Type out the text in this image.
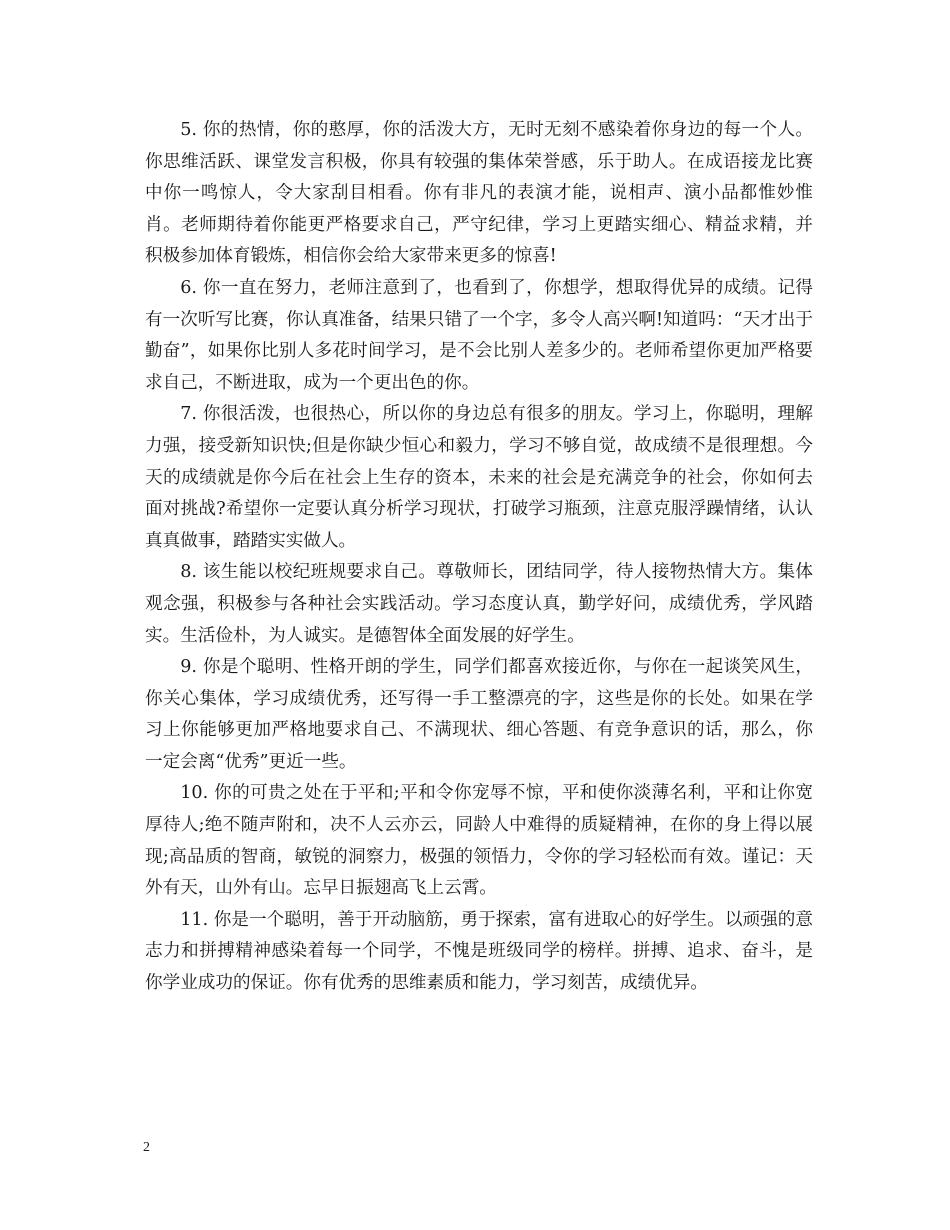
5. 你的热情，你的憨厚，你的活泼大方，无时无刻不感染着你身边的每一个人。你思维活跃、课堂发言积极，你具有较强的集体荣誉感，乐于助人。在成语接龙比赛中你一鸣惊人，令大家刮目相看。你有非凡的表演才能，说相声、演小品都惟妙惟肖。老师期待着你能更严格要求自己，严守纪律，学习上更踏实细心、精益求精，并积极参加体育锻炼，相信你会给大家带来更多的惊喜!

6. 你一直在努力，老师注意到了，也看到了，你想学，想取得优异的成绩。记得有一次听写比赛，你认真准备，结果只错了一个字，多令人高兴啊!知道吗：“天才出于勤奋”，如果你比别人多花时间学习，是不会比别人差多少的。老师希望你更加严格要求自己，不断进取，成为一个更出色的你。

7. 你很活泼，也很热心，所以你的身边总有很多的朋友。学习上，你聪明，理解力强，接受新知识快;但是你缺少恒心和毅力，学习不够自觉，故成绩不是很理想。今天的成绩就是你今后在社会上生存的资本，未来的社会是充满竞争的社会，你如何去面对挑战?希望你一定要认真分析学习现状，打破学习瓶颈，注意克服浮躁情绪，认认真真做事，踏踏实实做人。

8. 该生能以校纪班规要求自己。尊敬师长，团结同学，待人接物热情大方。集体观念强，积极参与各种社会实践活动。学习态度认真，勤学好问，成绩优秀，学风踏实。生活俭朴，为人诚实。是德智体全面发展的好学生。

9. 你是个聪明、性格开朗的学生，同学们都喜欢接近你，与你在一起谈笑风生，你关心集体，学习成绩优秀，还写得一手工整漂亮的字，这些是你的长处。如果在学习上你能够更加严格地要求自己、不满现状、细心答题、有竞争意识的话，那么，你一定会离“优秀”更近一些。

10. 你的可贵之处在于平和;平和令你宠辱不惊，平和使你淡薄名利，平和让你宽厚待人;绝不随声附和，决不人云亦云，同龄人中难得的质疑精神，在你的身上得以展现;高品质的智商，敏锐的洞察力，极强的领悟力，令你的学习轻松而有效。谨记：天外有天，山外有山。忘早日振翅高飞上云霄。

11. 你是一个聪明，善于开动脑筋，勇于探索，富有进取心的好学生。以顽强的意志力和拼搏精神感染着每一个同学，不愧是班级同学的榜样。拼搏、追求、奋斗，是你学业成功的保证。你有优秀的思维素质和能力，学习刻苦，成绩优异。

2
